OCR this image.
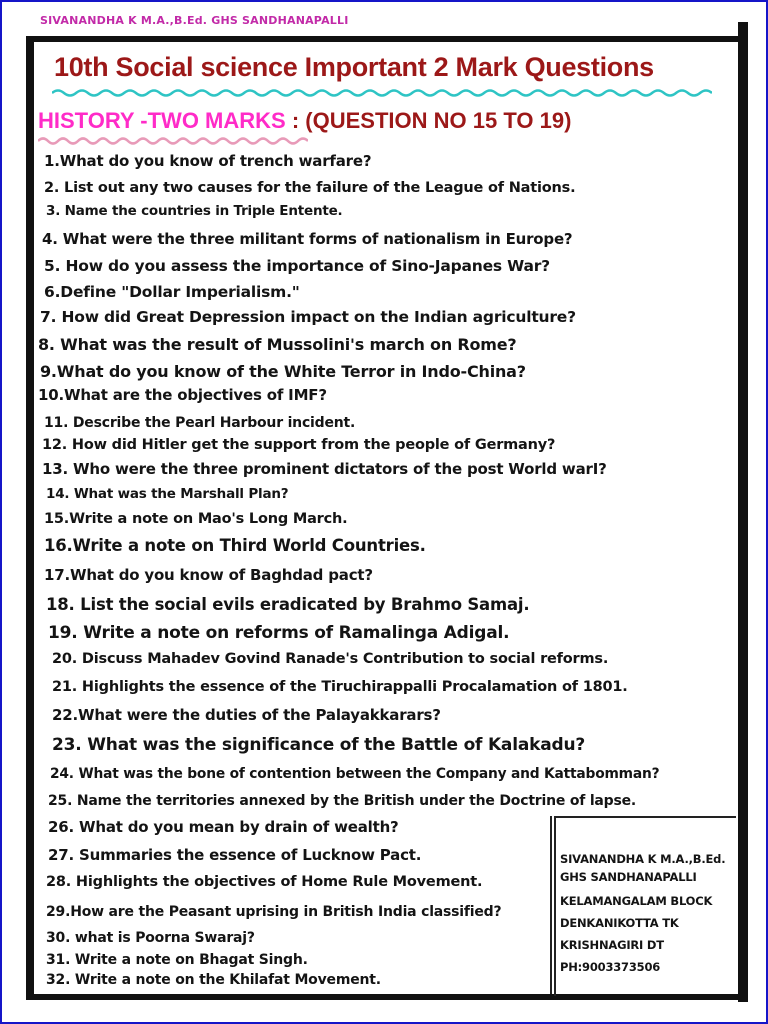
SIVANANDHA K M.A.,B.Ed. GHS SANDHANAPALLI
10th Social science Important 2 Mark Questions
HISTORY -TWO MARKS : (QUESTION NO 15 TO 19)
1.What do you know of trench warfare?
2. List out any two causes for the failure of the League of Nations.
3. Name the countries in Triple Entente.
4. What were the three militant forms of nationalism in Europe?
5. How do you assess the importance of Sino-Japanes War?
6.Define "Dollar Imperialism."
7. How did Great Depression impact on the Indian agriculture?
8. What was the result of Mussolini's march on Rome?
9.What do you know of the White Terror in Indo-China?
10.What are the objectives of IMF?
11. Describe the Pearl Harbour incident.
12. How did Hitler get the support from the people of Germany?
13. Who were the three prominent dictators of the post World warI?
14. What was the Marshall Plan?
15.Write a note on Mao's Long March.
16.Write a note on Third World Countries.
17.What do you know of Baghdad pact?
18. List the social evils eradicated by Brahmo Samaj.
19. Write a note on reforms of Ramalinga Adigal.
20. Discuss Mahadev Govind Ranade's Contribution to social reforms.
21. Highlights the essence of the Tiruchirappalli Procalamation of 1801.
22.What were the duties of the Palayakkarars?
23. What was the significance of the Battle of Kalakadu?
24. What was the bone of contention between the Company and Kattabomman?
25. Name the territories annexed by the British under the Doctrine of lapse.
26. What do you mean by drain of wealth?
27. Summaries the essence of Lucknow Pact.
28. Highlights the objectives of Home Rule Movement.
29.How are the Peasant uprising in British India classified?
30. what is Poorna Swaraj?
31. Write a note on Bhagat Singh.
32. Write a note on the Khilafat Movement.
SIVANANDHA K M.A.,B.Ed.
GHS SANDHANAPALLI
KELAMANGALAM BLOCK
DENKANIKOTTA TK
KRISHNAGIRI DT
PH:9003373506
